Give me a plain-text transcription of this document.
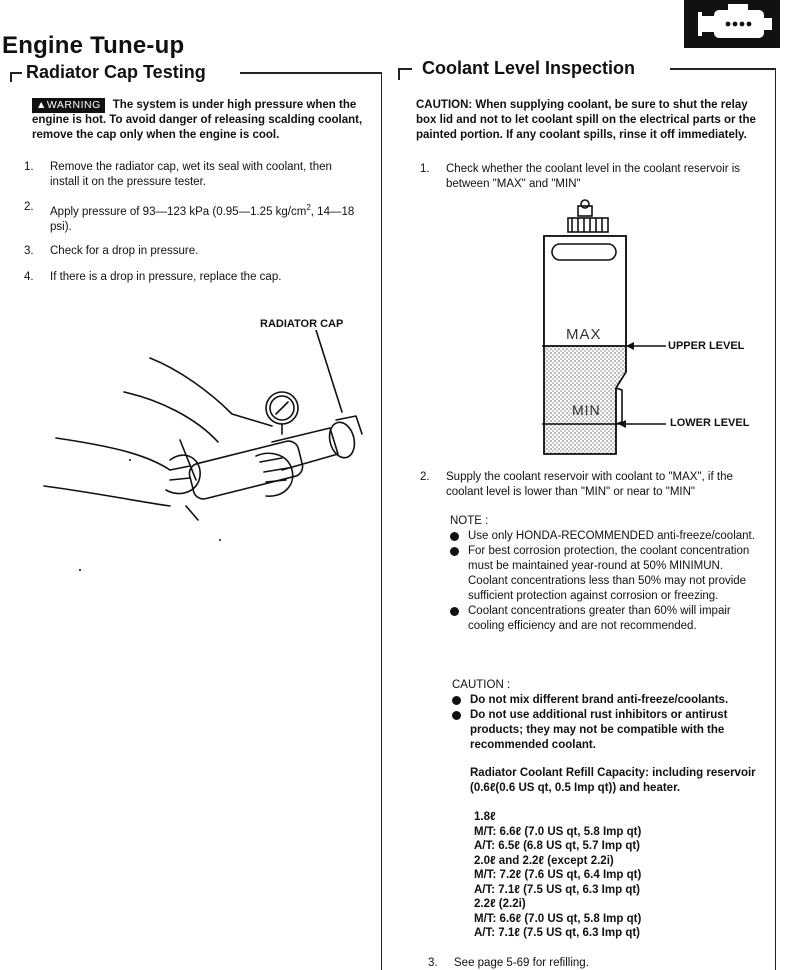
Engine Tune-up
Radiator Cap Testing
▲WARNING The system is under high pressure when the engine is hot. To avoid danger of releasing scalding coolant, remove the cap only when the engine is cool.
1. Remove the radiator cap, wet its seal with coolant, then install it on the pressure tester.
2. Apply pressure of 93—123 kPa (0.95—1.25 $kg/cm^2$, 14—18 psi).
3. Check for a drop in pressure.
4. If there is a drop in pressure, replace the cap.
RADIATOR CAP
Coolant Level Inspection
CAUTION: When supplying coolant, be sure to shut the relay box lid and not to let coolant spill on the electrical parts or the painted portion. If any coolant spills, rinse it off immediately.
1. Check whether the coolant level in the coolant reservoir is between "MAX" and "MIN"
MAX
MIN
UPPER LEVEL
LOWER LEVEL
2. Supply the coolant reservoir with coolant to "MAX", if the coolant level is lower than "MIN" or near to "MIN"
NOTE :
Use only HONDA-RECOMMENDED anti-freeze/coolant.
For best corrosion protection, the coolant concentration must be maintained year-round at 50% MINIMUN. Coolant concentrations less than 50% may not provide sufficient protection against corrosion or freezing.
Coolant concentrations greater than 60% will impair cooling efficiency and are not recommended.
CAUTION :
Do not mix different brand anti-freeze/coolants.
Do not use additional rust inhibitors or antirust products; they may not be compatible with the recommended coolant.
Radiator Coolant Refill Capacity: including reservoir (0.6ℓ(0.6 US qt, 0.5 Imp qt)) and heater.
1.8ℓ
M/T: 6.6ℓ (7.0 US qt, 5.8 Imp qt)
A/T: 6.5ℓ (6.8 US qt, 5.7 Imp qt)
2.0ℓ and 2.2ℓ (except 2.2i)
M/T: 7.2ℓ (7.6 US qt, 6.4 Imp qt)
A/T: 7.1ℓ (7.5 US qt, 6.3 Imp qt)
2.2ℓ (2.2i)
M/T: 6.6ℓ (7.0 US qt, 5.8 Imp qt)
A/T: 7.1ℓ (7.5 US qt, 6.3 Imp qt)
3. See page 5-69 for refilling.
